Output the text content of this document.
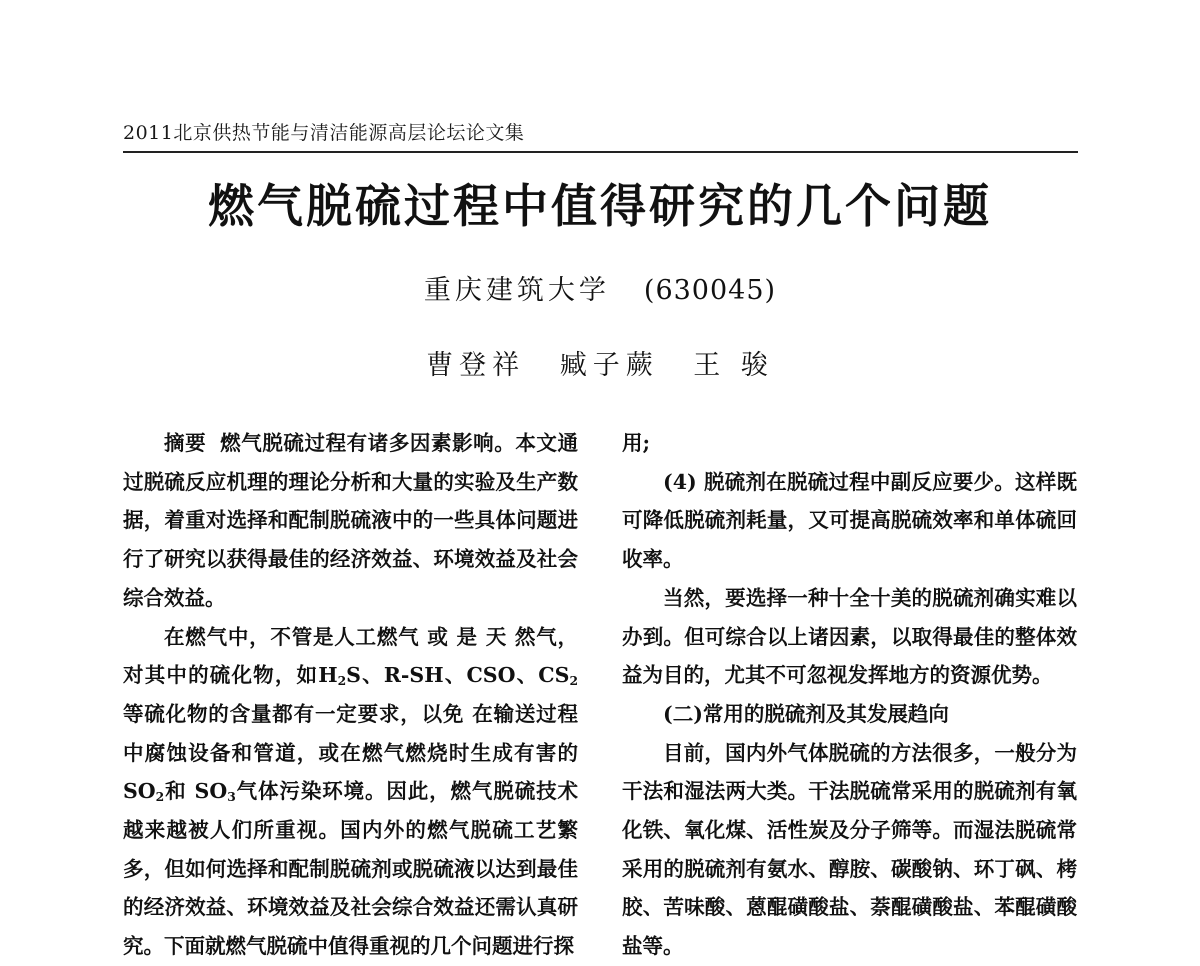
2011北京供热节能与清洁能源高层论坛论文集
燃气脱硫过程中值得研究的几个问题
重庆建筑大学 (630045)
曹登祥 臧子蕨 王 骏

摘要 燃气脱硫过程有诸多因素影响。本文通过脱硫反应机理的理论分析和大量的实验及生产数据，着重对选择和配制脱硫液中的一些具体问题进行了研究以获得最佳的经济效益、环境效益及社会综合效益。

在燃气中，不管是人工燃气 或 是 天 然气，对其中的硫化物，如$H_2S$、R-SH、CSO、$CS_2$等硫化物的含量都有一定要求，以免 在输送过程中腐蚀设备和管道，或在燃气燃烧时生成有害的 $SO_2$和 $SO_3$气体污染环境。因此，燃气脱硫技术越来越被人们所重视。国内外的燃气脱硫工艺繁多，但如何选择和配制脱硫剂或脱硫液以达到最佳的经济效益、环境效益及社会综合效益还需认真研究。下面就燃气脱硫中值得重视的几个问题进行探

用;

(4) 脱硫剂在脱硫过程中副反应要少。这样既可降低脱硫剂耗量，又可提高脱硫效率和单体硫回收率。

当然，要选择一种十全十美的脱硫剂确实难以办到。但可综合以上诸因素，以取得最佳的整体效益为目的，尤其不可忽视发挥地方的资源优势。

(二)常用的脱硫剂及其发展趋向

目前，国内外气体脱硫的方法很多，一般分为干法和湿法两大类。干法脱硫常采用的脱硫剂有氧化铁、氧化煤、活性炭及分子筛等。而湿法脱硫常采用的脱硫剂有氨水、醇胺、碳酸钠、环丁砜、栲胶、苦味酸、蒽醌磺酸盐、萘醌磺酸盐、苯醌磺酸盐等。
